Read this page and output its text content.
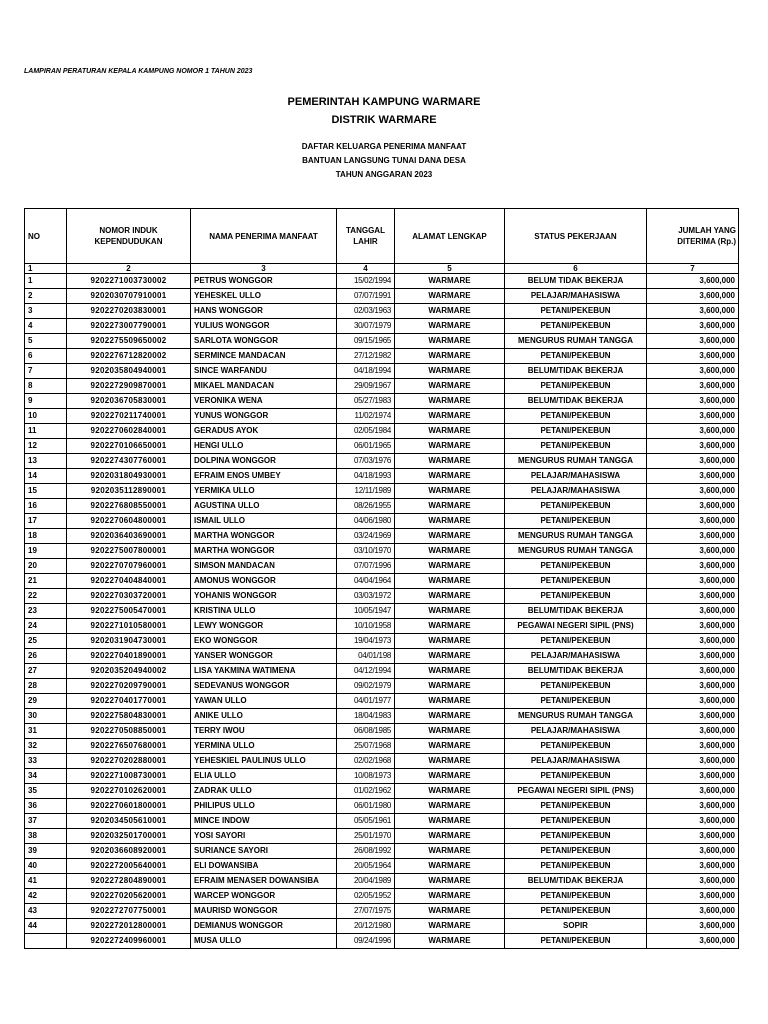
LAMPIRAN PERATURAN KEPALA KAMPUNG NOMOR 1 TAHUN 2023
PEMERINTAH KAMPUNG WARMARE
DISTRIK WARMARE
DAFTAR KELUARGA PENERIMA MANFAAT
BANTUAN LANGSUNG TUNAI DANA DESA
TAHUN ANGGARAN 2023
NO	NOMOR INDUK KEPENDUDUKAN	NAMA PENERIMA MANFAAT	TANGGAL LAHIR	ALAMAT LENGKAP	STATUS PEKERJAAN	JUMLAH YANG DITERIMA (Rp.)
1	2	3	4	5	6	7
1	9202271003730002	PETRUS WONGGOR	15/02/1994	WARMARE	BELUM TIDAK BEKERJA	3,600,000
2	9202030707910001	YEHESKEL ULLO	07/07/1991	WARMARE	PELAJAR/MAHASISWA	3,600,000
3	9202270203830001	HANS WONGGOR	02/03/1963	WARMARE	PETANI/PEKEBUN	3,600,000
4	9202273007790001	YULIUS WONGGOR	30/07/1979	WARMARE	PETANI/PEKEBUN	3,600,000
5	9202275509650002	SARLOTA WONGGOR	09/15/1965	WARMARE	MENGURUS RUMAH TANGGA	3,600,000
6	9202276712820002	SERMINCE MANDACAN	27/12/1982	WARMARE	PETANI/PEKEBUN	3,600,000
7	9202035804940001	SINCE WARFANDU	04/18/1994	WARMARE	BELUM/TIDAK BEKERJA	3,600,000
8	9202272909870001	MIKAEL MANDACAN	29/09/1967	WARMARE	PETANI/PEKEBUN	3,600,000
9	9202036705830001	VERONIKA WENA	05/27/1983	WARMARE	BELUM/TIDAK BEKERJA	3,600,000
10	9202270211740001	YUNUS WONGGOR	11/02/1974	WARMARE	PETANI/PEKEBUN	3,600,000
11	9202270602840001	GERADUS AYOK	02/05/1984	WARMARE	PETANI/PEKEBUN	3,600,000
12	9202270106650001	HENGI ULLO	06/01/1965	WARMARE	PETANI/PEKEBUN	3,600,000
13	9202274307760001	DOLPINA WONGGOR	07/03/1976	WARMARE	MENGURUS RUMAH TANGGA	3,600,000
14	9202031804930001	EFRAIM ENOS UMBEY	04/18/1993	WARMARE	PELAJAR/MAHASISWA	3,600,000
15	9202035112890001	YERMIKA ULLO	12/11/1989	WARMARE	PELAJAR/MAHASISWA	3,600,000
16	9202276808550001	AGUSTINA ULLO	08/26/1955	WARMARE	PETANI/PEKEBUN	3,600,000
17	9202270604800001	ISMAIL ULLO	04/06/1980	WARMARE	PETANI/PEKEBUN	3,600,000
18	9202036403690001	MARTHA WONGGOR	03/24/1969	WARMARE	MENGURUS RUMAH TANGGA	3,600,000
19	9202275007800001	MARTHA WONGGOR	03/10/1970	WARMARE	MENGURUS RUMAH TANGGA	3,600,000
20	9202270707960001	SIMSON MANDACAN	07/07/1996	WARMARE	PETANI/PEKEBUN	3,600,000
21	9202270404840001	AMONUS WONGGOR	04/04/1964	WARMARE	PETANI/PEKEBUN	3,600,000
22	9202270303720001	YOHANIS WONGGOR	03/03/1972	WARMARE	PETANI/PEKEBUN	3,600,000
23	9202275005470001	KRISTINA ULLO	10/05/1947	WARMARE	BELUM/TIDAK BEKERJA	3,600,000
24	9202271010580001	LEWY WONGGOR	10/10/1958	WARMARE	PEGAWAI NEGERI SIPIL (PNS)	3,600,000
25	9202031904730001	EKO WONGGOR	19/04/1973	WARMARE	PETANI/PEKEBUN	3,600,000
26	9202270401890001	YANSER WONGGOR	04/01/198	WARMARE	PELAJAR/MAHASISWA	3,600,000
27	9202035204940002	LISA YAKMINA WATIMENA	04/12/1994	WARMARE	BELUM/TIDAK BEKERJA	3,600,000
28	9202270209790001	SEDEVANUS WONGGOR	09/02/1979	WARMARE	PETANI/PEKEBUN	3,600,000
29	9202270401770001	YAWAN ULLO	04/01/1977	WARMARE	PETANI/PEKEBUN	3,600,000
30	9202275804830001	ANIKE ULLO	18/04/1983	WARMARE	MENGURUS RUMAH TANGGA	3,600,000
31	9202270508850001	TERRY IWOU	06/08/1985	WARMARE	PELAJAR/MAHASISWA	3,600,000
32	9202276507680001	YERMINA ULLO	25/07/1968	WARMARE	PETANI/PEKEBUN	3,600,000
33	9202270202880001	YEHESKIEL PAULINUS ULLO	02/02/1968	WARMARE	PELAJAR/MAHASISWA	3,600,000
34	9202271008730001	ELIA ULLO	10/08/1973	WARMARE	PETANI/PEKEBUN	3,600,000
35	9202270102620001	ZADRAK ULLO	01/02/1962	WARMARE	PEGAWAI NEGERI SIPIL (PNS)	3,600,000
36	9202270601800001	PHILIPUS ULLO	06/01/1980	WARMARE	PETANI/PEKEBUN	3,600,000
37	9202034505610001	MINCE INDOW	05/05/1961	WARMARE	PETANI/PEKEBUN	3,600,000
38	9202032501700001	YOSI SAYORI	25/01/1970	WARMARE	PETANI/PEKEBUN	3,600,000
39	9202036608920001	SURIANCE SAYORI	26/08/1992	WARMARE	PETANI/PEKEBUN	3,600,000
40	9202272005640001	ELI DOWANSIBA	20/05/1964	WARMARE	PETANI/PEKEBUN	3,600,000
41	9202272804890001	EFRAIM MENASER DOWANSIBA	20/04/1989	WARMARE	BELUM/TIDAK BEKERJA	3,600,000
42	9202270205620001	WARCEP WONGGOR	02/05/1952	WARMARE	PETANI/PEKEBUN	3,600,000
43	9202272707750001	MAURISD WONGGOR	27/07/1975	WARMARE	PETANI/PEKEBUN	3,600,000
44	9202272012800001	DEMIANUS WONGGOR	20/12/1980	WARMARE	SOPIR	3,600,000
	9202272409960001	MUSA ULLO	09/24/1996	WARMARE	PETANI/PEKEBUN	3,600,000
